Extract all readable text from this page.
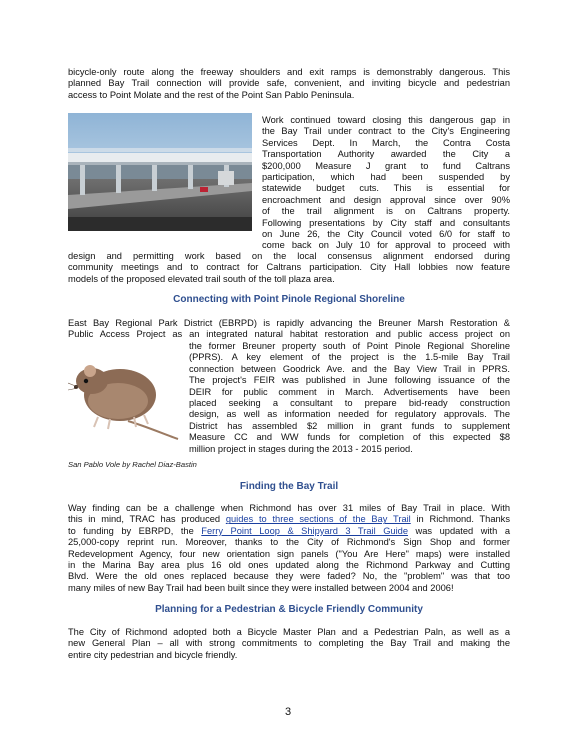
bicycle-only route along the freeway shoulders and exit ramps is demonstrably dangerous. This
planned Bay Trail connection will provide safe, convenient, and inviting bicycle and pedestrian
access to Point Molate and the rest of the Point San Pablo Peninsula.
Work continued toward closing this dangerous gap in
the Bay Trail under contract to the City's Engineering
Services Dept. In March, the Contra Costa
Transportation Authority awarded the City a
$200,000 Measure J grant to fund Caltrans
participation, which had been suspended by
statewide budget cuts. This is essential for
encroachment and design approval since over 90%
of the trail alignment is on Caltrans property.
Following presentations by City staff and consultants
on June 26, the City Council voted 6/0 for staff to
come back on July 10 for approval to proceed with
design and permitting work based on the local consensus alignment endorsed during
community meetings and to contract for Caltrans participation. City Hall lobbies now feature
models of the proposed elevated trail south of the toll plaza area.
Connecting with Point Pinole Regional Shoreline
East Bay Regional Park District (EBRPD) is rapidly advancing the Breuner Marsh Restoration &
Public Access Project as an integrated natural habitat restoration and public access project on
the former Breuner property south of Point Pinole Regional Shoreline
(PPRS). A key element of the project is the 1.5-mile Bay Trail
connection between Goodrick Ave. and the Bay View Trail in PPRS.
The project's FEIR was published in June following issuance of the
DEIR for public comment in March. Advertisements have been
placed seeking a consultant to prepare bid-ready construction
design, as well as information needed for regulatory approvals. The
District has assembled $2 million in grant funds to supplement
Measure CC and WW funds for completion of this expected $8
million project in stages during the 2013 - 2015 period.
San Pablo Vole by Rachel Diaz-Bastin
Finding the Bay Trail
Way finding can be a challenge when Richmond has over 31 miles of Bay Trail in place. With
this in mind, TRAC has produced guides to three sections of the Bay Trail in Richmond. Thanks
to funding by EBRPD, the Ferry Point Loop & Shipyard 3 Trail Guide was updated with a
25,000-copy reprint run. Moreover, thanks to the City of Richmond's Sign Shop and former
Redevelopment Agency, four new orientation sign panels ("You Are Here" maps) were installed
in the Marina Bay area plus 16 old ones updated along the Richmond Parkway and Cutting
Blvd. Were the old ones replaced because they were faded? No, the "problem" was that too
many miles of new Bay Trail had been built since they were installed between 2004 and 2006!
Planning for a Pedestrian & Bicycle Friendly Community
The City of Richmond adopted both a Bicycle Master Plan and a Pedestrian Paln, as well as a
new General Plan – all with strong commitments to completing the Bay Trail and making the
entire city pedestrian and bicycle friendly.
3
